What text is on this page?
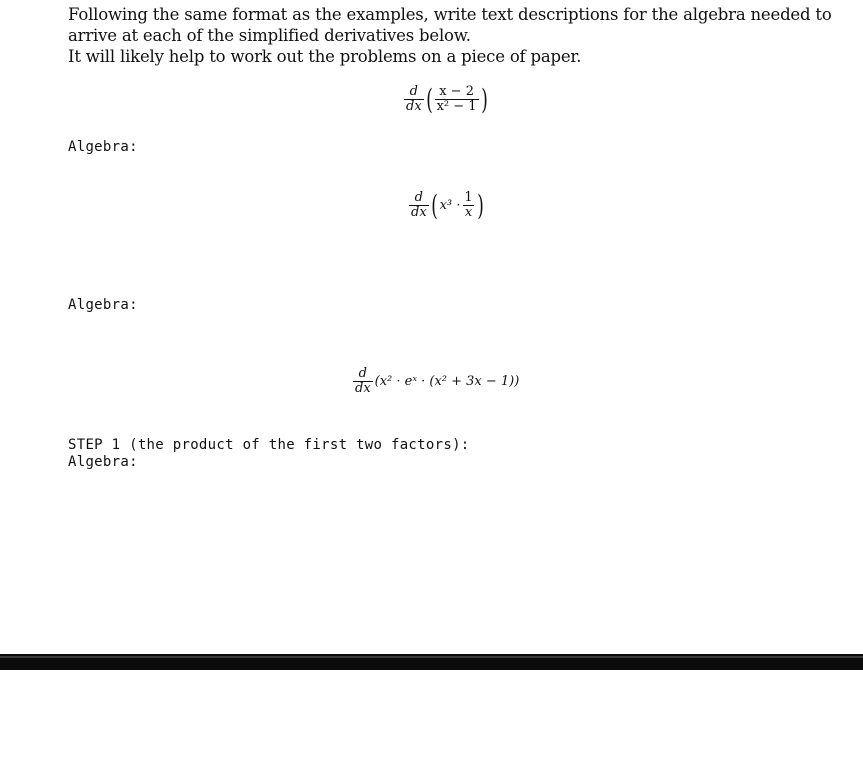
Following the same format as the examples, write text descriptions for the algebra needed to
arrive at each of the simplified derivatives below.
It will likely help to work out the problems on a piece of paper.
$\frac{d}{dx}$ ( $\frac{x - 2}{\text{x² − 1}}$ )
Algebra:
$\frac{d}{dx}$ ( $x^3 \cdot \frac{1}{x}$ )
Algebra:
$\frac{d}{dx} (x^2$ · eˣ · (x² + 3x − 1))
STEP 1 (the product of the first two factors):
Algebra:
